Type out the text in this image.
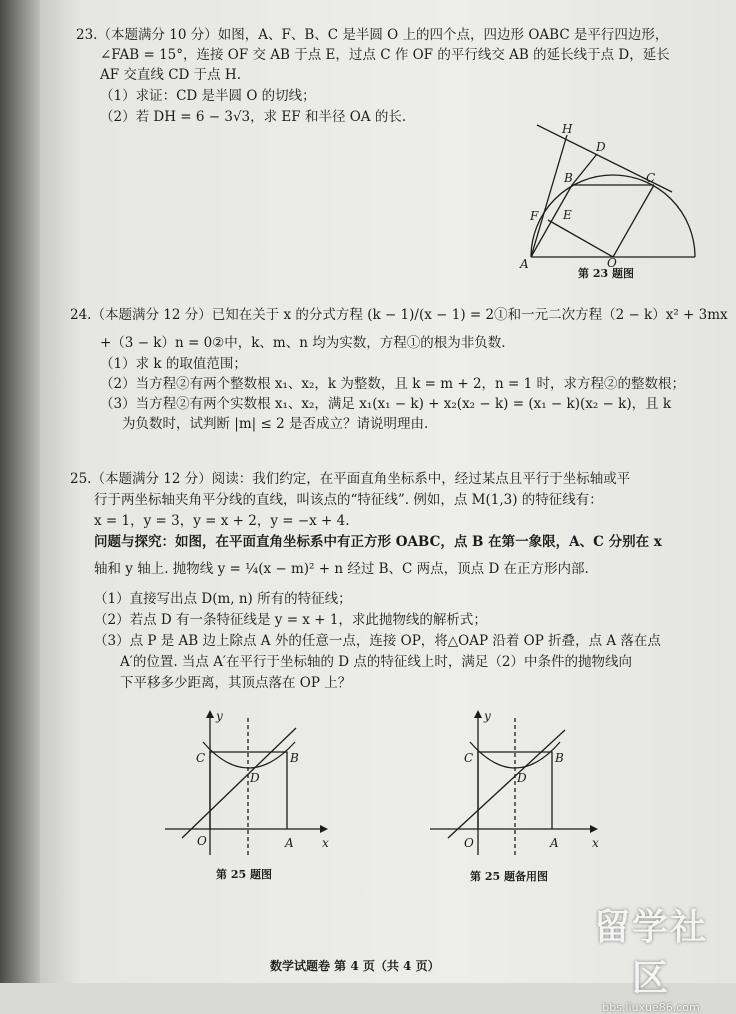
23.（本题满分 10 分）如图，A、F、B、C 是半圆 O 上的四个点，四边形 OABC 是平行四边形，
∠FAB = 15°，连接 OF 交 AB 于点 E，过点 C 作 OF 的平行线交 AB 的延长线于点 D，延长
AF 交直线 CD 于点 H.
（1）求证：CD 是半圆 O 的切线；
（2）若 DH = 6 − 3√3，求 EF 和半径 OA 的长.
H
D
B	C
F E
A	O
第 23 题图
24.（本题满分 12 分）已知在关于 x 的分式方程 (k − 1)/(x − 1) = 2①和一元二次方程（2 − k）x² + 3mx
+（3 − k）n = 0②中，k、m、n 均为实数，方程①的根为非负数.
（1）求 k 的取值范围；
（2）当方程②有两个整数根 x₁、x₂，k 为整数，且 k = m + 2，n = 1 时，求方程②的整数根；
（3）当方程②有两个实数根 x₁、x₂，满足 x₁(x₁ − k) + x₂(x₂ − k) = (x₁ − k)(x₂ − k)，且 k
为负数时，试判断 |m| ≤ 2 是否成立？请说明理由.
25.（本题满分 12 分）阅读：我们约定，在平面直角坐标系中，经过某点且平行于坐标轴或平
行于两坐标轴夹角平分线的直线，叫该点的“特征线”. 例如，点 M(1,3) 的特征线有：
x = 1，y = 3，y = x + 2，y = −x + 4.
问题与探究：如图，在平面直角坐标系中有正方形 OABC，点 B 在第一象限，A、C 分别在 x
轴和 y 轴上. 抛物线 y = ¼(x − m)² + n 经过 B、C 两点，顶点 D 在正方形内部.
（1）直接写出点 D(m, n) 所有的特征线；
（2）若点 D 有一条特征线是 y = x + 1，求此抛物线的解析式；
（3）点 P 是 AB 边上除点 A 外的任意一点，连接 OP，将△OAP 沿着 OP 折叠，点 A 落在点
A′的位置. 当点 A′在平行于坐标轴的 D 点的特征线上时，满足（2）中条件的抛物线向
下平移多少距离，其顶点落在 OP 上？
y
x
C	B
D
O	A
第 25 题图
y
x
C	B
D
O	A
第 25 题备用图
数学试题卷 第 4 页（共 4 页）
留学社区
bbs.liuxue86.com
